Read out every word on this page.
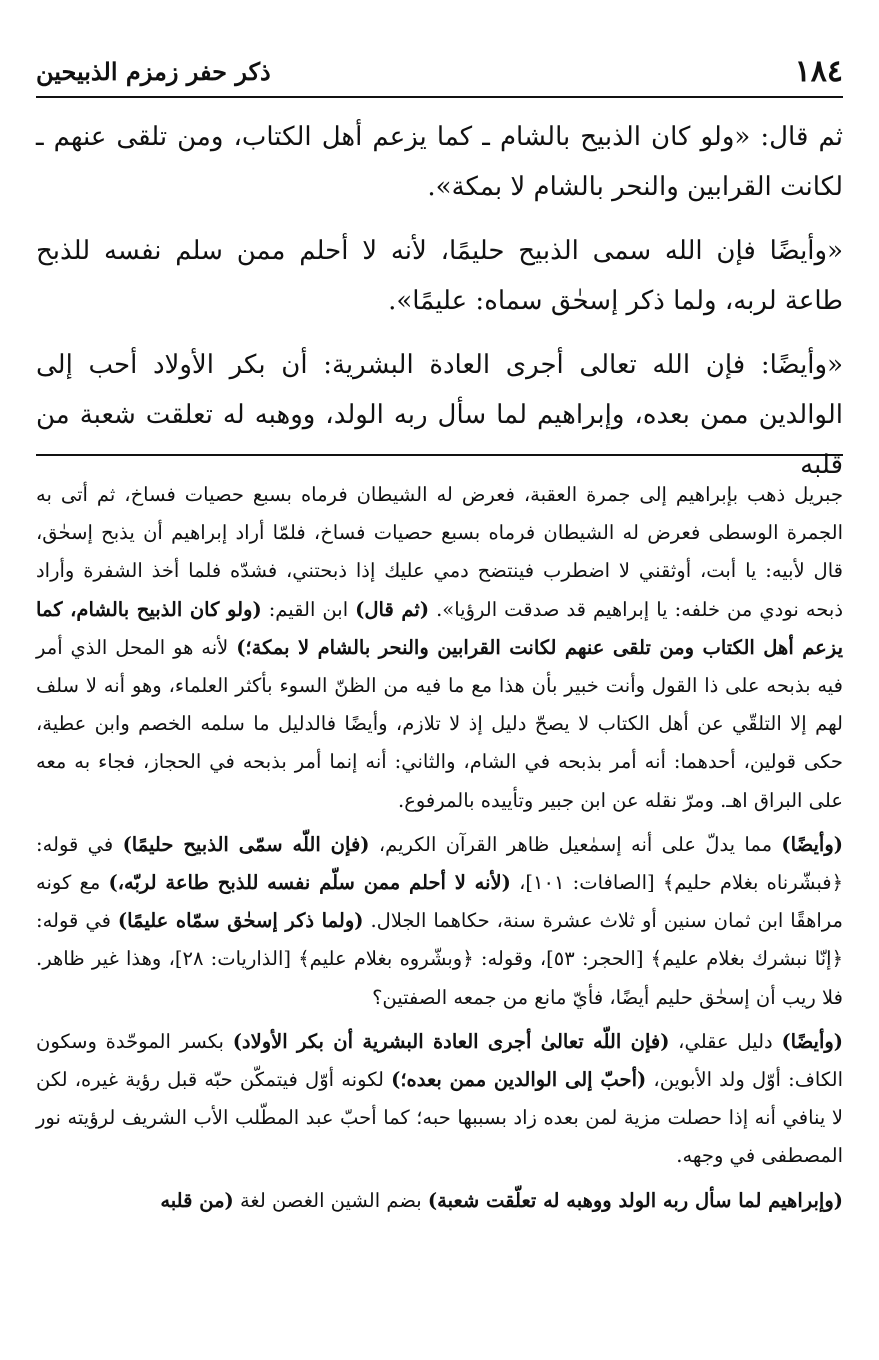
١٨٤
ذكر حفر زمزم الذبيحين

ثم قال: «ولو كان الذبيح بالشام ـ كما يزعم أهل الكتاب، ومن تلقى عنهم ـ لكانت القرابين والنحر بالشام لا بمكة».

«وأيضًا فإن الله سمى الذبيح حليمًا، لأنه لا أحلم ممن سلم نفسه للذبح طاعة لربه، ولما ذكر إسحٰق سماه: عليمًا».

«وأيضًا: فإن الله تعالى أجرى العادة البشرية: أن بكر الأولاد أحب إلى الوالدين ممن بعده، وإبراهيم لما سأل ربه الولد، ووهبه له تعلقت شعبة من قلبه

جبريل ذهب بإبراهيم إلى جمرة العقبة، فعرض له الشيطان فرماه بسبع حصيات فساخ، ثم أتى به الجمرة الوسطى فعرض له الشيطان فرماه بسبع حصيات فساخ، فلمّا أراد إبراهيم أن يذبح إسحٰق، قال لأبيه: يا أبت، أوثقني لا اضطرب فينتضح دمي عليك إذا ذبحتني، فشدّه فلما أخذ الشفرة وأراد ذبحه نودي من خلفه: يا إبراهيم قد صدقت الرؤيا». (ثم قال) ابن القيم: (ولو كان الذبيح بالشام، كما يزعم أهل الكتاب ومن تلقى عنهم لكانت القرابين والنحر بالشام لا بمكة؛) لأنه هو المحل الذي أمر فيه بذبحه على ذا القول وأنت خبير بأن هذا مع ما فيه من الظنّ السوء بأكثر العلماء، وهو أنه لا سلف لهم إلا التلقّي عن أهل الكتاب لا يصحّ دليل إذ لا تلازم، وأيضًا فالدليل ما سلمه الخصم وابن عطية، حكى قولين، أحدهما: أنه أمر بذبحه في الشام، والثاني: أنه إنما أمر بذبحه في الحجاز، فجاء به معه على البراق اهـ. ومرّ نقله عن ابن جبير وتأييده بالمرفوع.

(وأيضًا) مما يدلّ على أنه إسمٰعيل ظاهر القرآن الكريم، (فإن اللّه سمّى الذبيح حليمًا) في قوله: ﴿فبشّرناه بغلام حليم﴾ [الصافات: ١٠١]، (لأنه لا أحلم ممن سلّم نفسه للذبح طاعة لربّه،) مع كونه مراهقًا ابن ثمان سنين أو ثلاث عشرة سنة، حكاهما الجلال. (ولما ذكر إسحٰق سمّاه عليمًا) في قوله: ﴿إنّا نبشرك بغلام عليم﴾ [الحجر: ٥٣]، وقوله: ﴿وبشّروه بغلام عليم﴾ [الذاريات: ٢٨]، وهذا غير ظاهر. فلا ريب أن إسحٰق حليم أيضًا، فأيّ مانع من جمعه الصفتين؟

(وأيضًا) دليل عقلي، (فإن اللّه تعالىٰ أجرى العادة البشرية أن بكر الأولاد) بكسر الموحّدة وسكون الكاف: أوّل ولد الأبوين، (أحبّ إلى الوالدين ممن بعده؛) لكونه أوّل فيتمكّن حبّه قبل رؤية غيره، لكن لا ينافي أنه إذا حصلت مزية لمن بعده زاد بسببها حبه؛ كما أحبّ عبد المطّلب الأب الشريف لرؤيته نور المصطفى في وجهه.

(وإبراهيم لما سأل ربه الولد ووهبه له تعلّقت شعبة) بضم الشين الغصن لغة (من قلبه
